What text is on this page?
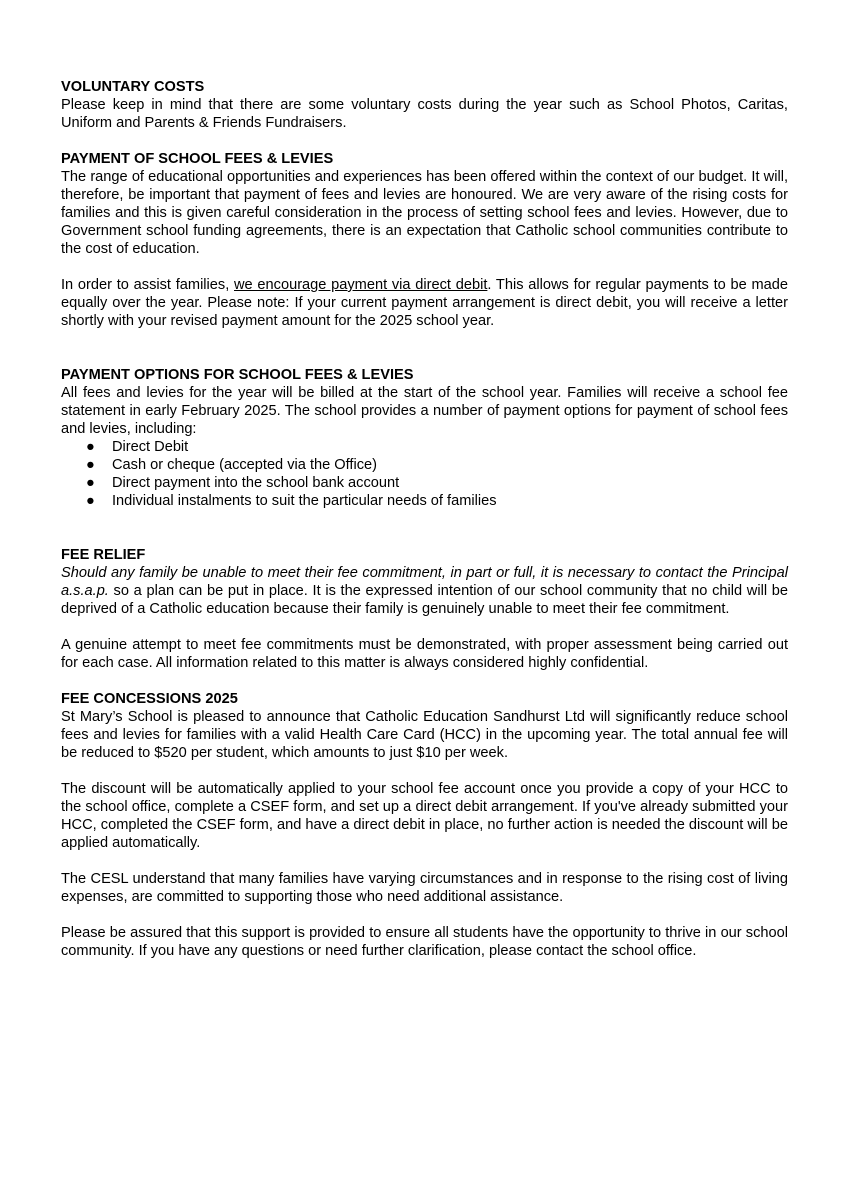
VOLUNTARY COSTS

Please keep in mind that there are some voluntary costs during the year such as School Photos, Caritas, Uniform and Parents & Friends Fundraisers.

PAYMENT OF SCHOOL FEES & LEVIES

The range of educational opportunities and experiences has been offered within the context of our budget. It will, therefore, be important that payment of fees and levies are honoured. We are very aware of the rising costs for families and this is given careful consideration in the process of setting school fees and levies. However, due to Government school funding agreements, there is an expectation that Catholic school communities contribute to the cost of education.

In order to assist families, we encourage payment via direct debit. This allows for regular payments to be made equally over the year. Please note: If your current payment arrangement is direct debit, you will receive a letter shortly with your revised payment amount for the 2025 school year.

PAYMENT OPTIONS FOR SCHOOL FEES & LEVIES

All fees and levies for the year will be billed at the start of the school year. Families will receive a school fee statement in early February 2025. The school provides a number of payment options for payment of school fees and levies, including:

● Direct Debit
● Cash or cheque (accepted via the Office)
● Direct payment into the school bank account
● Individual instalments to suit the particular needs of families

FEE RELIEF

Should any family be unable to meet their fee commitment, in part or full, it is necessary to contact the Principal a.s.a.p. so a plan can be put in place. It is the expressed intention of our school community that no child will be deprived of a Catholic education because their family is genuinely unable to meet their fee commitment.

A genuine attempt to meet fee commitments must be demonstrated, with proper assessment being carried out for each case. All information related to this matter is always considered highly confidential.

FEE CONCESSIONS 2025

St Mary’s School is pleased to announce that Catholic Education Sandhurst Ltd will significantly reduce school fees and levies for families with a valid Health Care Card (HCC) in the upcoming year. The total annual fee will be reduced to $520 per student, which amounts to just $10 per week.

The discount will be automatically applied to your school fee account once you provide a copy of your HCC to the school office, complete a CSEF form, and set up a direct debit arrangement. If you've already submitted your HCC, completed the CSEF form, and have a direct debit in place, no further action is needed the discount will be applied automatically.

The CESL understand that many families have varying circumstances and in response to the rising cost of living expenses, are committed to supporting those who need additional assistance.

Please be assured that this support is provided to ensure all students have the opportunity to thrive in our school community. If you have any questions or need further clarification, please contact the school office.
